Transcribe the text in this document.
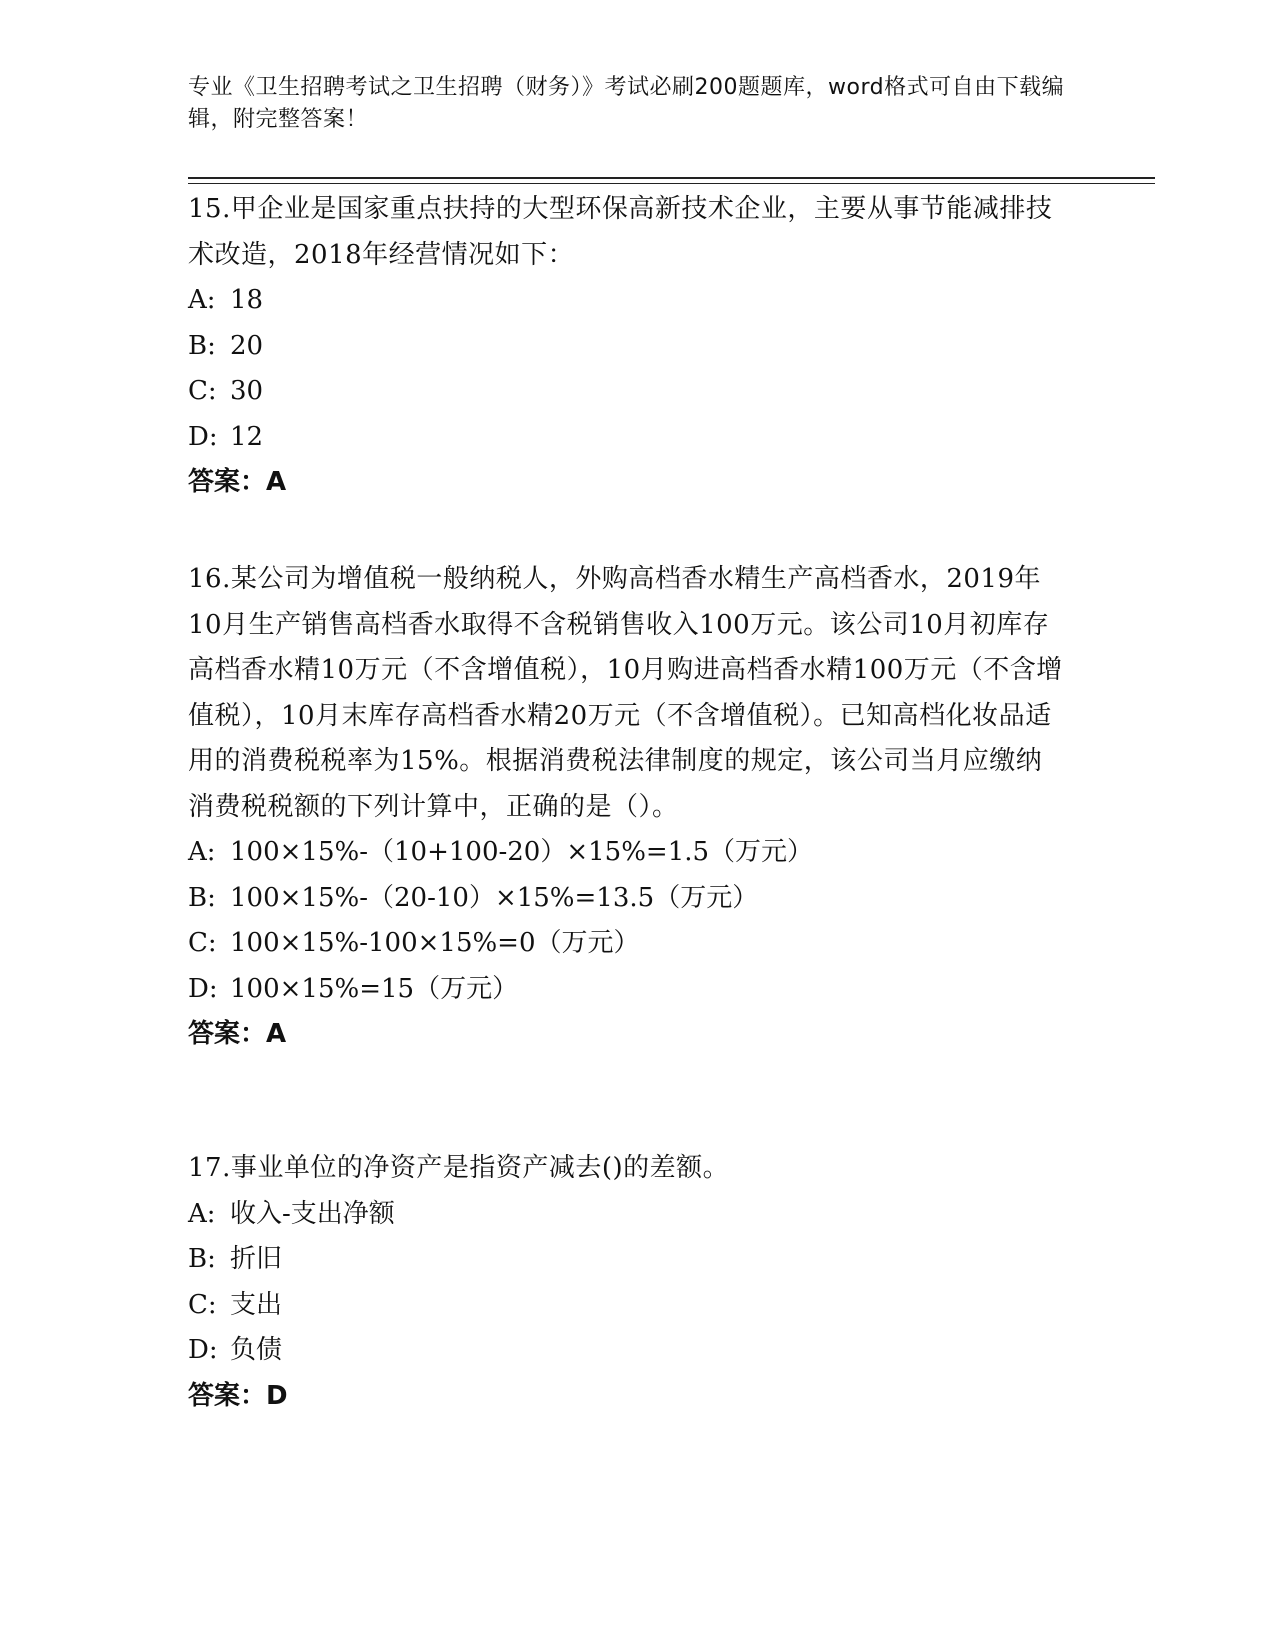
专业《卫生招聘考试之卫生招聘（财务）》考试必刷200题题库，word格式可自由下载编辑，附完整答案！

15.甲企业是国家重点扶持的大型环保高新技术企业，主要从事节能减排技术改造，2018年经营情况如下：

A: 18

B: 20

C: 30

D: 12

答案：A

16.某公司为增值税一般纳税人，外购高档香水精生产高档香水，2019年10月生产销售高档香水取得不含税销售收入100万元。该公司10月初库存高档香水精10万元（不含增值税），10月购进高档香水精100万元（不含增值税），10月末库存高档香水精20万元（不含增值税）。已知高档化妆品适用的消费税税率为15%。根据消费税法律制度的规定，该公司当月应缴纳消费税税额的下列计算中，正确的是（）。

A: 100×15%-（10+100-20）×15%=1.5（万元）

B: 100×15%-（20-10）×15%=13.5（万元）

C: 100×15%-100×15%=0（万元）

D: 100×15%=15（万元）

答案：A

17.事业单位的净资产是指资产减去()的差额。

A: 收入-支出净额

B: 折旧

C: 支出

D: 负债

答案：D
